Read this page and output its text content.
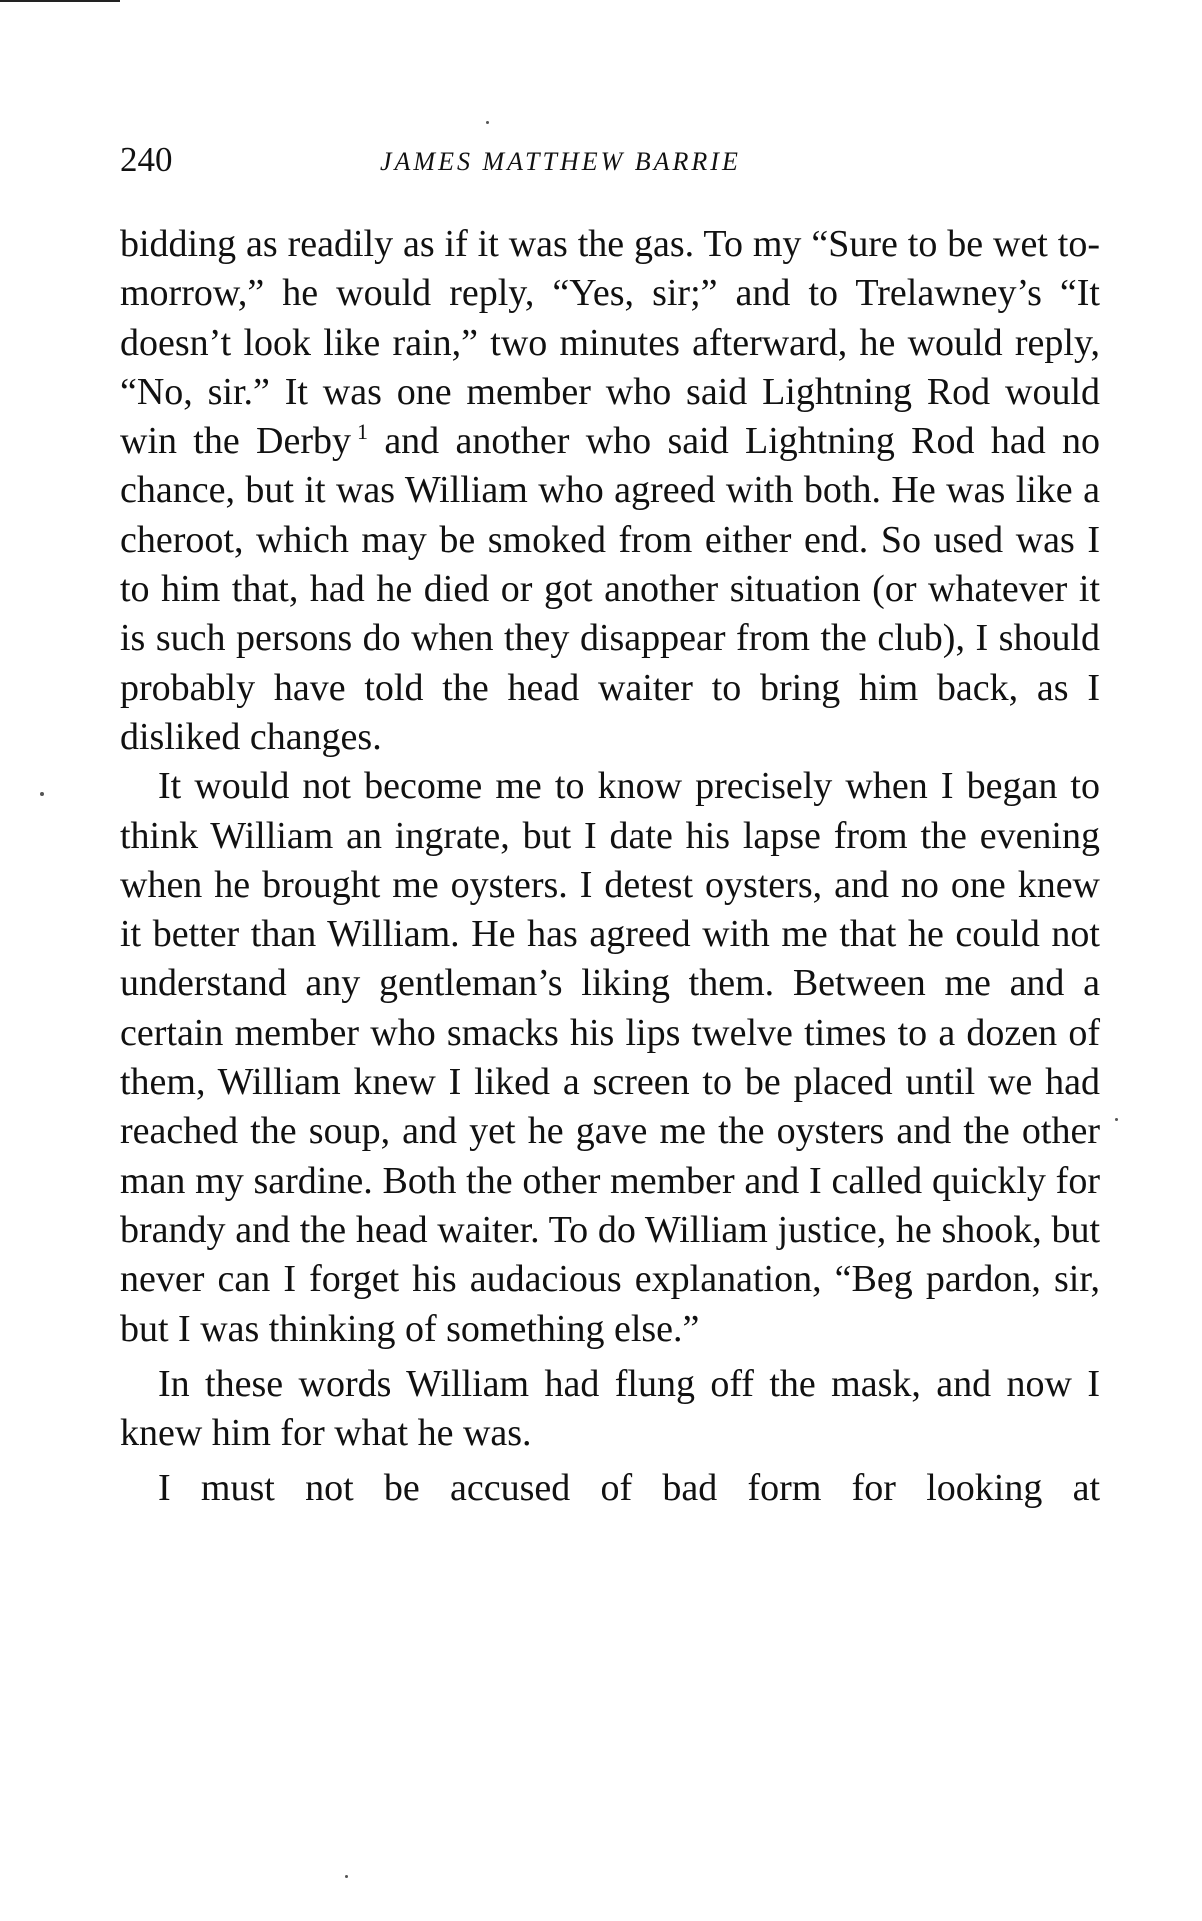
240	JAMES MATTHEW BARRIE

bidding as readily as if it was the gas. To my “Sure to be wet to-morrow,” he would reply, “Yes, sir;” and to Trelawney’s “It doesn’t look like rain,” two minutes afterward, he would reply, “No, sir.” It was one member who said Lightning Rod would win the Derby $^1$ and another who said Lightning Rod had no chance, but it was William who agreed with both. He was like a cheroot, which may be smoked from either end. So used was I to him that, had he died or got another situation (or whatever it is such persons do when they disappear from the club), I should probably have told the head waiter to bring him back, as I disliked changes.

It would not become me to know precisely when I began to think William an ingrate, but I date his lapse from the evening when he brought me oysters. I detest oysters, and no one knew it better than William. He has agreed with me that he could not understand any gentleman’s liking them. Between me and a certain member who smacks his lips twelve times to a dozen of them, William knew I liked a screen to be placed until we had reached the soup, and yet he gave me the oysters and the other man my sardine. Both the other member and I called quickly for brandy and the head waiter. To do William justice, he shook, but never can I forget his audacious explanation, “Beg pardon, sir, but I was thinking of something else.”

In these words William had flung off the mask, and now I knew him for what he was.

I must not be accused of bad form for looking at
